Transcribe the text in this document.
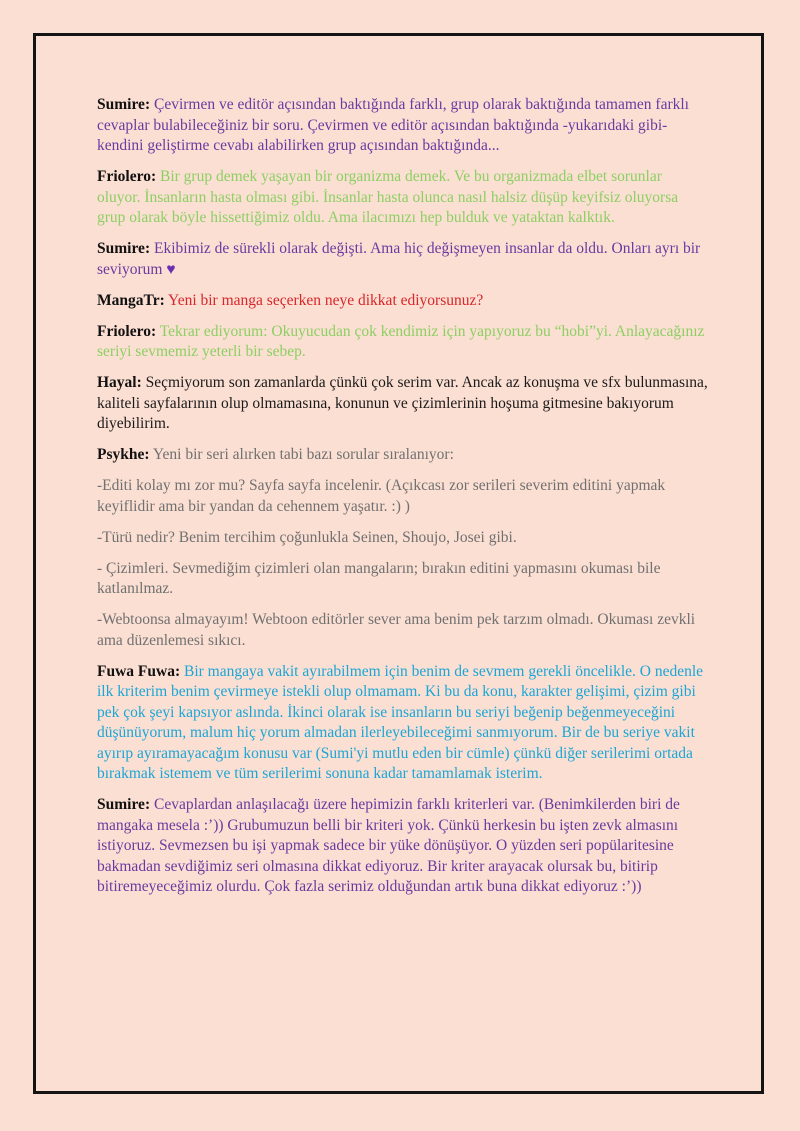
Sumire: Çevirmen ve editör açısından baktığında farklı, grup olarak baktığında tamamen farklı cevaplar bulabileceğiniz bir soru. Çevirmen ve editör açısından baktığında -yukarıdaki gibi- kendini geliştirme cevabı alabilirken grup açısından baktığında...

Friolero: Bir grup demek yaşayan bir organizma demek. Ve bu organizmada elbet sorunlar oluyor. İnsanların hasta olması gibi. İnsanlar hasta olunca nasıl halsiz düşüp keyifsiz oluyorsa grup olarak böyle hissettiğimiz oldu. Ama ilacımızı hep bulduk ve yataktan kalktık.

Sumire: Ekibimiz de sürekli olarak değişti. Ama hiç değişmeyen insanlar da oldu. Onları ayrı bir seviyorum ♥

MangaTr: Yeni bir manga seçerken neye dikkat ediyorsunuz?

Friolero: Tekrar ediyorum: Okuyucudan çok kendimiz için yapıyoruz bu “hobi”yi. Anlayacağınız seriyi sevmemiz yeterli bir sebep.

Hayal: Seçmiyorum son zamanlarda çünkü çok serim var. Ancak az konuşma ve sfx bulunmasına, kaliteli sayfalarının olup olmamasına, konunun ve çizimlerinin hoşuma gitmesine bakıyorum diyebilirim.

Psykhe: Yeni bir seri alırken tabi bazı sorular sıralanıyor:

-Editi kolay mı zor mu? Sayfa sayfa incelenir. (Açıkcası zor serileri severim editini yapmak keyiflidir ama bir yandan da cehennem yaşatır. :) )

-Türü nedir? Benim tercihim çoğunlukla Seinen, Shoujo, Josei gibi.

- Çizimleri. Sevmediğim çizimleri olan mangaların; bırakın editini yapmasını okuması bile katlanılmaz.

-Webtoonsa almayayım! Webtoon editörler sever ama benim pek tarzım olmadı. Okuması zevkli ama düzenlemesi sıkıcı.

Fuwa Fuwa: Bir mangaya vakit ayırabilmem için benim de sevmem gerekli öncelikle. O nedenle ilk kriterim benim çevirmeye istekli olup olmamam. Ki bu da konu, karakter gelişimi, çizim gibi pek çok şeyi kapsıyor aslında. İkinci olarak ise insanların bu seriyi beğenip beğenmeyeceğini düşünüyorum, malum hiç yorum almadan ilerleyebileceğimi sanmıyorum. Bir de bu seriye vakit ayırıp ayıramayacağım konusu var (Sumi'yi mutlu eden bir cümle) çünkü diğer serilerimi ortada bırakmak istemem ve tüm serilerimi sonuna kadar tamamlamak isterim.

Sumire: Cevaplardan anlaşılacağı üzere hepimizin farklı kriterleri var. (Benimkilerden biri de mangaka mesela :’)) Grubumuzun belli bir kriteri yok. Çünkü herkesin bu işten zevk almasını istiyoruz. Sevmezsen bu işi yapmak sadece bir yüke dönüşüyor. O yüzden seri popülaritesine bakmadan sevdiğimiz seri olmasına dikkat ediyoruz. Bir kriter arayacak olursak bu, bitirip bitiremeyeceğimiz olurdu. Çok fazla serimiz olduğundan artık buna dikkat ediyoruz :’))
